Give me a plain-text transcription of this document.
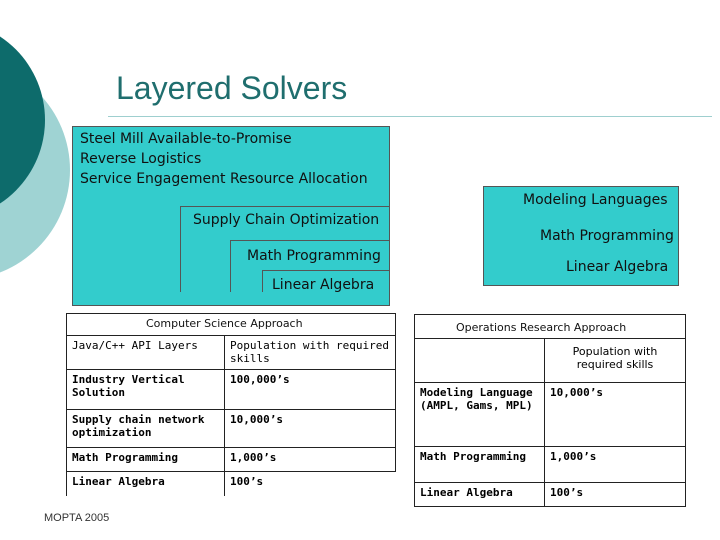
Layered Solvers
Steel Mill Available-to-Promise
Reverse Logistics
Service Engagement Resource Allocation
Supply Chain Optimization
Math Programming
Linear Algebra
Modeling Languages
Math Programming
Linear Algebra
Computer Science Approach
Java/C++ API Layers	Population with required skills
Industry Vertical Solution	100,000’s
Supply chain network optimization	10,000’s
Math Programming	1,000’s
Linear Algebra	100’s
Operations Research Approach

	Population with required skills

Modeling Language (AMPL, Gams, MPL)	10,000’s
Math Programming	1,000’s
Linear Algebra	100’s
MOPTA 2005
